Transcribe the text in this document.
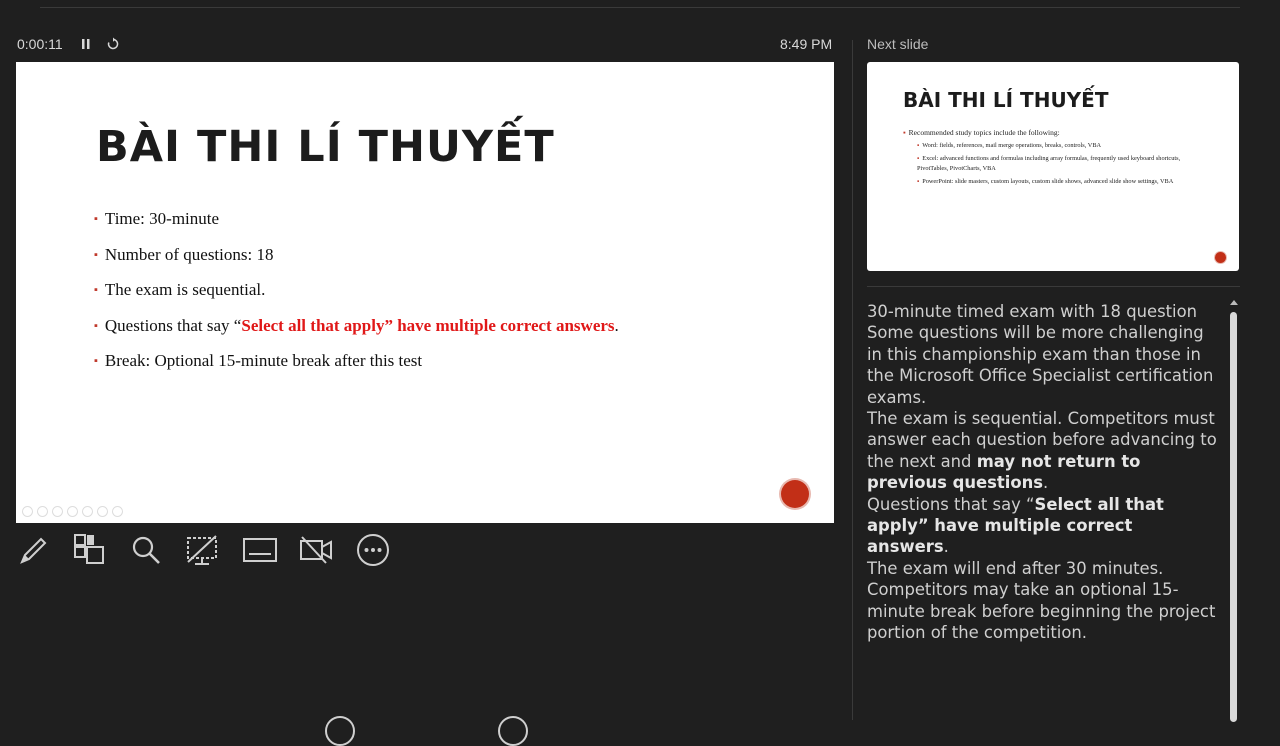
0:00:11	8:49 PM
BÀI THI LÍ THUYẾT
▪ Time: 30-minute
▪ Number of questions: 18
▪ The exam is sequential.
▪ Questions that say “Select all that apply” have multiple correct answers.
▪ Break: Optional 15-minute break after this test
Next slide
BÀI THI LÍ THUYẾT
▪ Recommended study topics include the following:
▪ Word: fields, references, mail merge operations, breaks, controls, VBA
▪ Excel: advanced functions and formulas including array formulas, frequently used keyboard shortcuts, PivotTables, PivotCharts, VBA
▪ PowerPoint: slide masters, custom layouts, custom slide shows, advanced slide show settings, VBA

30-minute timed exam with 18 question

Some questions will be more challenging in this championship exam than those in the Microsoft Office Specialist certification exams.

The exam is sequential. Competitors must answer each question before advancing to the next and may not return to previous questions.

Questions that say “Select all that apply” have multiple correct answers.

The exam will end after 30 minutes.

Competitors may take an optional 15-minute break before beginning the project portion of the competition.
